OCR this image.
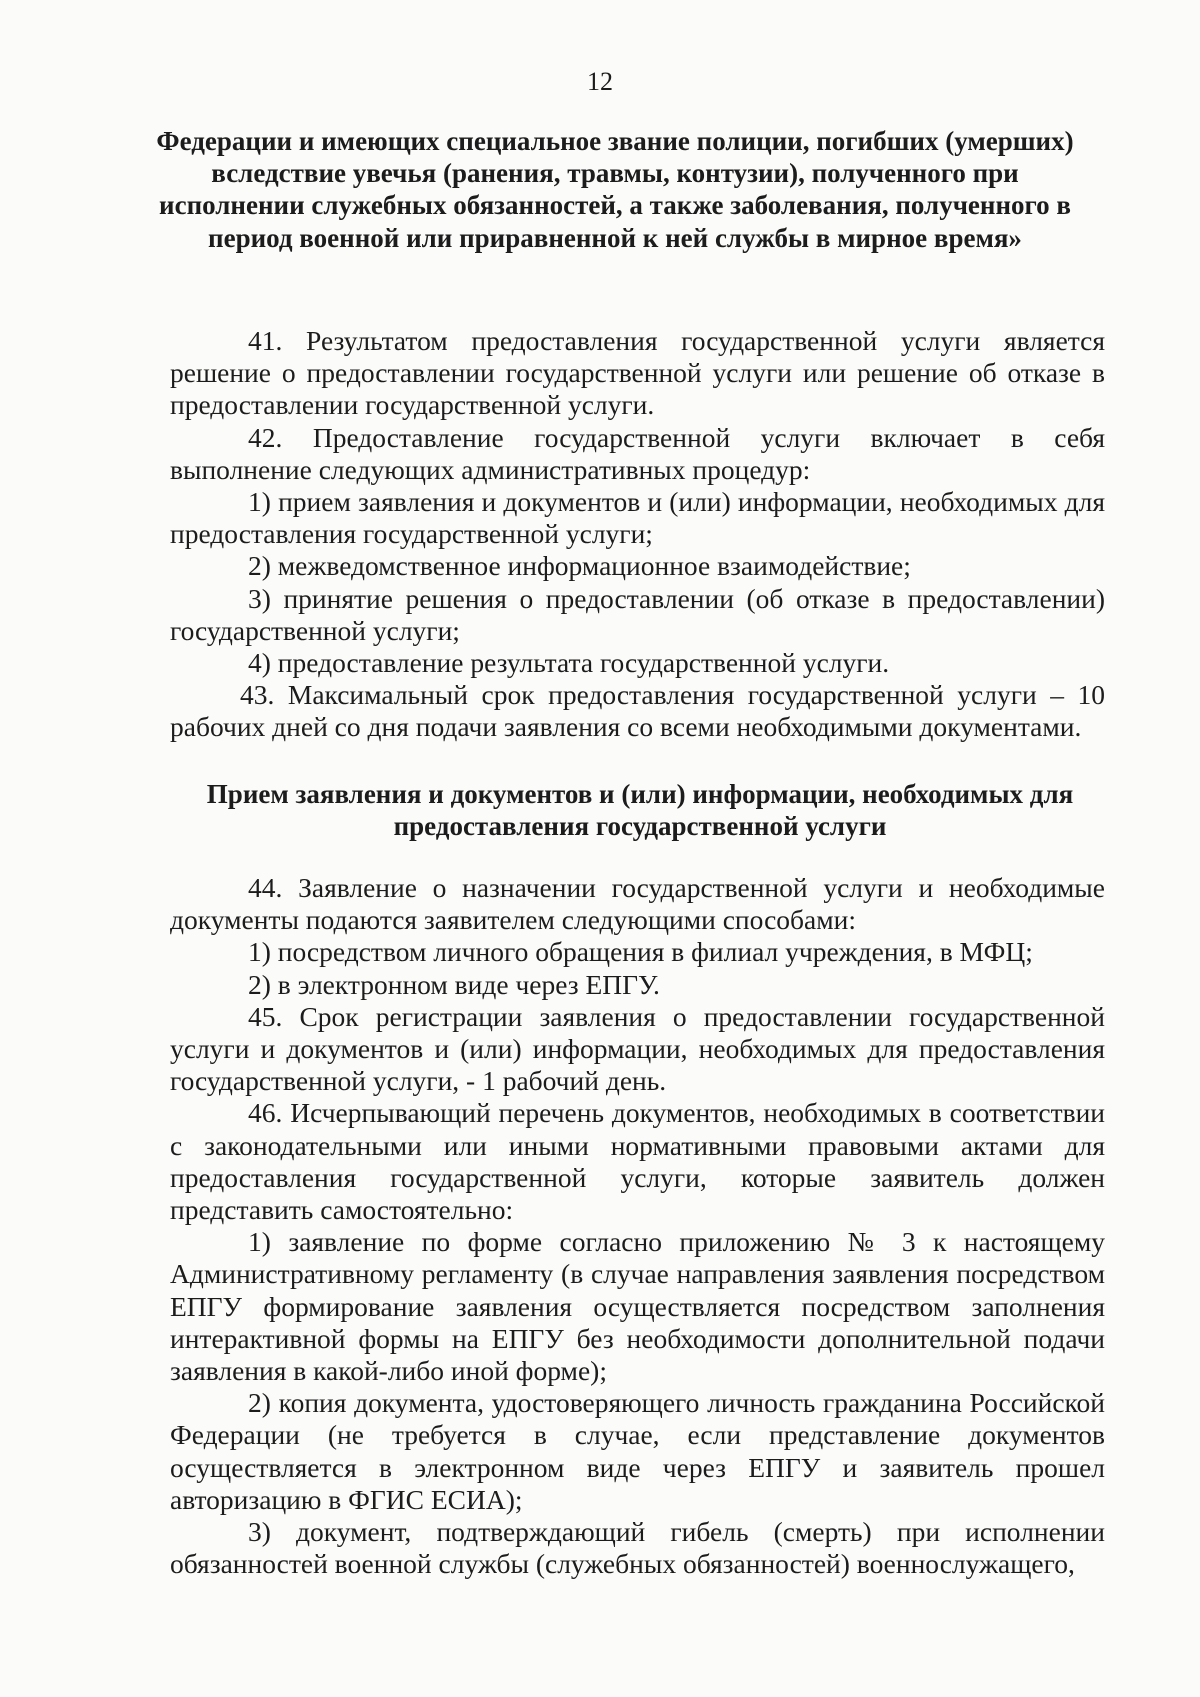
12
Федерации и имеющих специальное звание полиции, погибших (умерших) вследствие увечья (ранения, травмы, контузии), полученного при исполнении служебных обязанностей, а также заболевания, полученного в период военной или приравненной к ней службы в мирное время»

41. Результатом предоставления государственной услуги является решение о предоставлении государственной услуги или решение об отказе в предоставлении государственной услуги.

42. Предоставление государственной услуги включает в себя выполнение следующих административных процедур:

1) прием заявления и документов и (или) информации, необходимых для предоставления государственной услуги;

2) межведомственное информационное взаимодействие;

3) принятие решения о предоставлении (об отказе в предоставлении) государственной услуги;

4) предоставление результата государственной услуги.

43. Максимальный срок предоставления государственной услуги – 10 рабочих дней со дня подачи заявления со всеми необходимыми документами.

Прием заявления и документов и (или) информации, необходимых для предоставления государственной услуги

44. Заявление о назначении государственной услуги и необходимые документы подаются заявителем следующими способами:

1) посредством личного обращения в филиал учреждения, в МФЦ;

2) в электронном виде через ЕПГУ.

45. Срок регистрации заявления о предоставлении государственной услуги и документов и (или) информации, необходимых для предоставления государственной услуги, - 1 рабочий день.

46. Исчерпывающий перечень документов, необходимых в соответствии с законодательными или иными нормативными правовыми актами для предоставления государственной услуги, которые заявитель должен представить самостоятельно:

1) заявление по форме согласно приложению № 3 к настоящему Административному регламенту (в случае направления заявления посредством ЕПГУ формирование заявления осуществляется посредством заполнения интерактивной формы на ЕПГУ без необходимости дополнительной подачи заявления в какой-либо иной форме);

2) копия документа, удостоверяющего личность гражданина Российской Федерации (не требуется в случае, если представление документов осуществляется в электронном виде через ЕПГУ и заявитель прошел авторизацию в ФГИС ЕСИА);

3) документ, подтверждающий гибель (смерть) при исполнении обязанностей военной службы (служебных обязанностей) военнослужащего,
